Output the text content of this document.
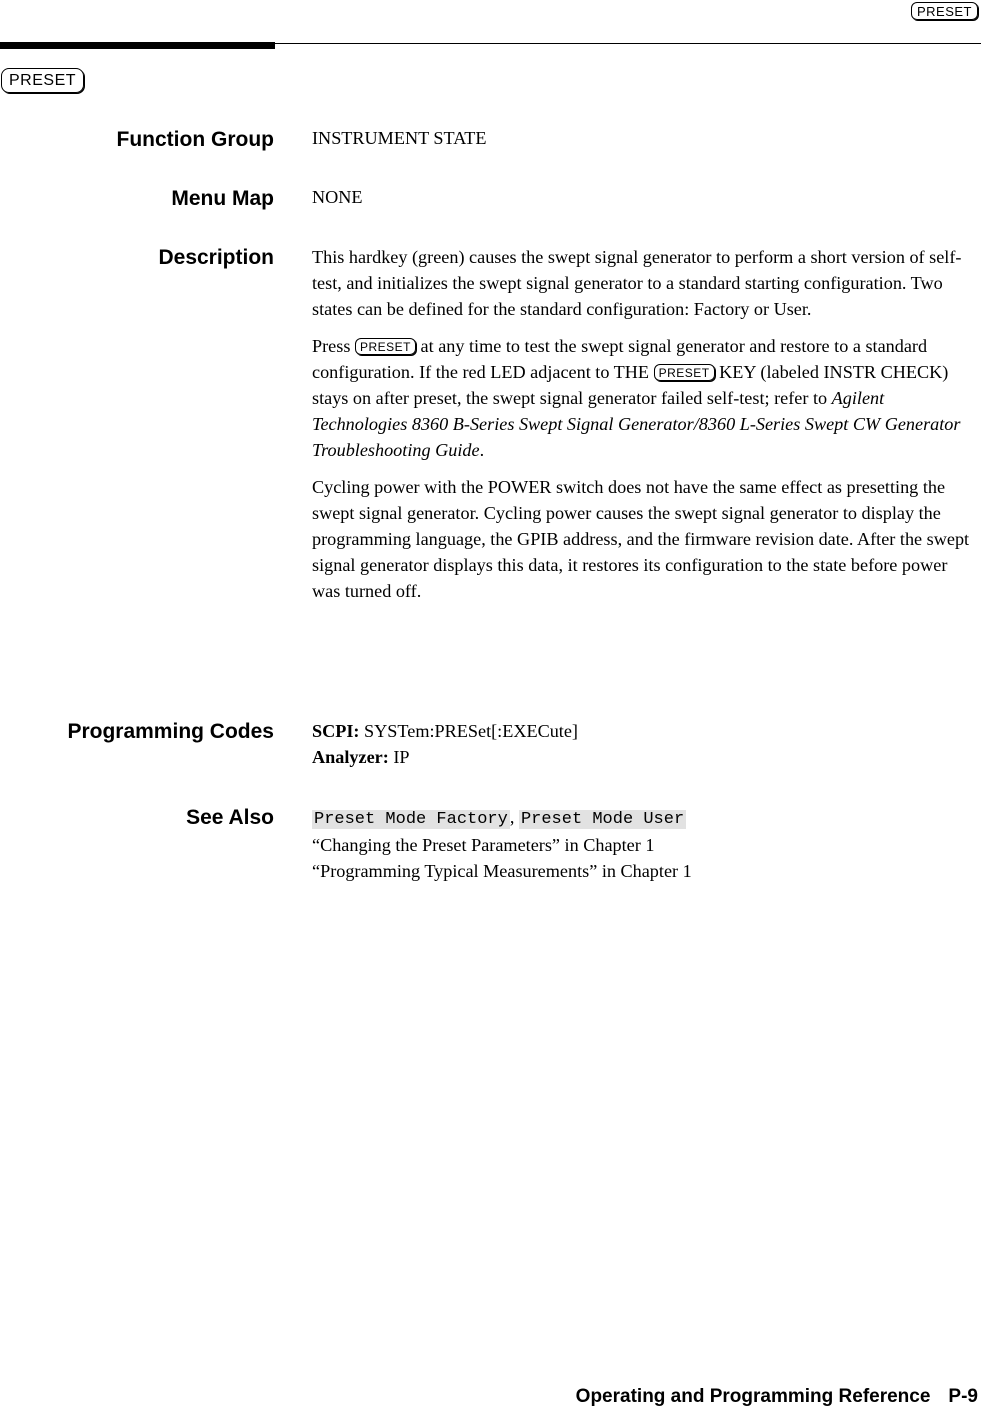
PRESET
PRESET
Function Group INSTRUMENT STATE
Menu Map NONE
Description This hardkey (green) causes the swept signal generator to perform a short version of self-test, and initializes the swept signal generator to a standard starting configuration. Two states can be defined for the standard configuration: Factory or User.

Press PRESET at any time to test the swept signal generator and restore to a standard configuration. If the red LED adjacent to THE PRESET KEY (labeled INSTR CHECK) stays on after preset, the swept signal generator failed self-test; refer to Agilent Technologies 8360 B-Series Swept Signal Generator/8360 L-Series Swept CW Generator Troubleshooting Guide.

Cycling power with the POWER switch does not have the same effect as presetting the swept signal generator. Cycling power causes the swept signal generator to display the programming language, the GPIB address, and the firmware revision date. After the swept signal generator displays this data, it restores its configuration to the state before power was turned off.

Programming Codes SCPI: SYSTem:PRESet[:EXECute]
Analyzer: IP
See Also Preset Mode Factory , Preset Mode User
“Changing the Preset Parameters” in Chapter 1
“Programming Typical Measurements” in Chapter 1
Operating and Programming Reference P-9
